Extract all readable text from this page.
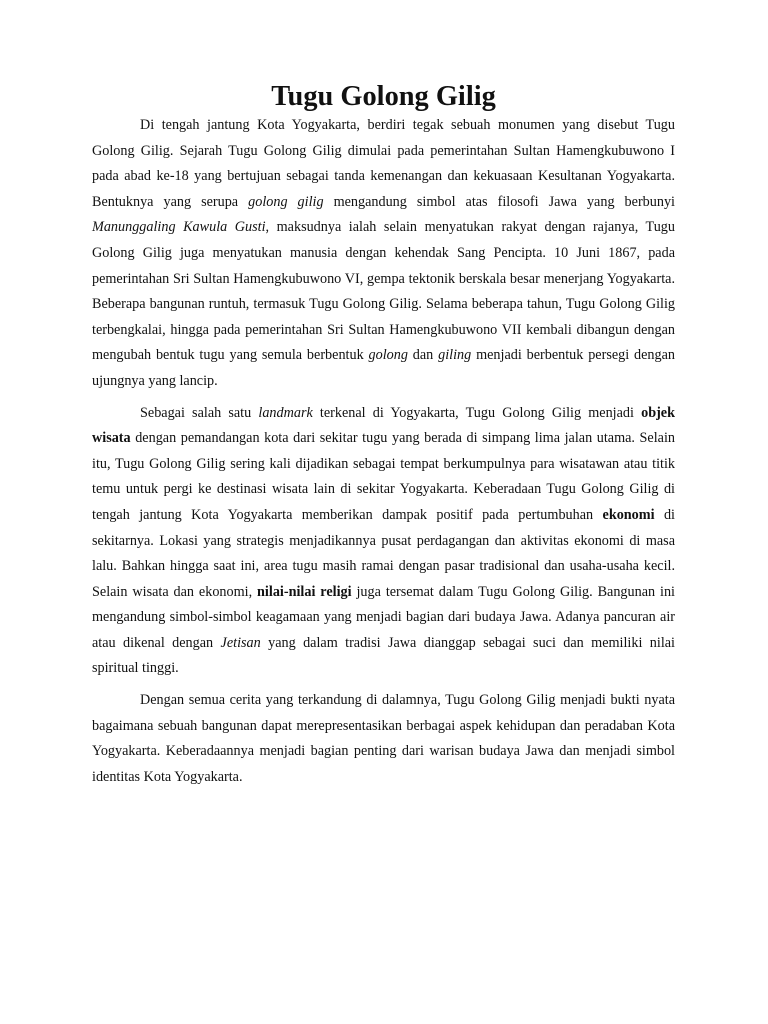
Tugu Golong Gilig

Di tengah jantung Kota Yogyakarta, berdiri tegak sebuah monumen yang disebut Tugu Golong Gilig. Sejarah Tugu Golong Gilig dimulai pada pemerintahan Sultan Hamengkubuwono I pada abad ke-18 yang bertujuan sebagai tanda kemenangan dan kekuasaan Kesultanan Yogyakarta. Bentuknya yang serupa golong gilig mengandung simbol atas filosofi Jawa yang berbunyi Manunggaling Kawula Gusti, maksudnya ialah selain menyatukan rakyat dengan rajanya, Tugu Golong Gilig juga menyatukan manusia dengan kehendak Sang Pencipta. 10 Juni 1867, pada pemerintahan Sri Sultan Hamengkubuwono VI, gempa tektonik berskala besar menerjang Yogyakarta. Beberapa bangunan runtuh, termasuk Tugu Golong Gilig. Selama beberapa tahun, Tugu Golong Gilig terbengkalai, hingga pada pemerintahan Sri Sultan Hamengkubuwono VII kembali dibangun dengan mengubah bentuk tugu yang semula berbentuk golong dan giling menjadi berbentuk persegi dengan ujungnya yang lancip.

Sebagai salah satu landmark terkenal di Yogyakarta, Tugu Golong Gilig menjadi objek wisata dengan pemandangan kota dari sekitar tugu yang berada di simpang lima jalan utama. Selain itu, Tugu Golong Gilig sering kali dijadikan sebagai tempat berkumpulnya para wisatawan atau titik temu untuk pergi ke destinasi wisata lain di sekitar Yogyakarta. Keberadaan Tugu Golong Gilig di tengah jantung Kota Yogyakarta memberikan dampak positif pada pertumbuhan ekonomi di sekitarnya. Lokasi yang strategis menjadikannya pusat perdagangan dan aktivitas ekonomi di masa lalu. Bahkan hingga saat ini, area tugu masih ramai dengan pasar tradisional dan usaha-usaha kecil. Selain wisata dan ekonomi, nilai-nilai religi juga tersemat dalam Tugu Golong Gilig. Bangunan ini mengandung simbol-simbol keagamaan yang menjadi bagian dari budaya Jawa. Adanya pancuran air atau dikenal dengan Jetisan yang dalam tradisi Jawa dianggap sebagai suci dan memiliki nilai spiritual tinggi.

Dengan semua cerita yang terkandung di dalamnya, Tugu Golong Gilig menjadi bukti nyata bagaimana sebuah bangunan dapat merepresentasikan berbagai aspek kehidupan dan peradaban Kota Yogyakarta. Keberadaannya menjadi bagian penting dari warisan budaya Jawa dan menjadi simbol identitas Kota Yogyakarta.
